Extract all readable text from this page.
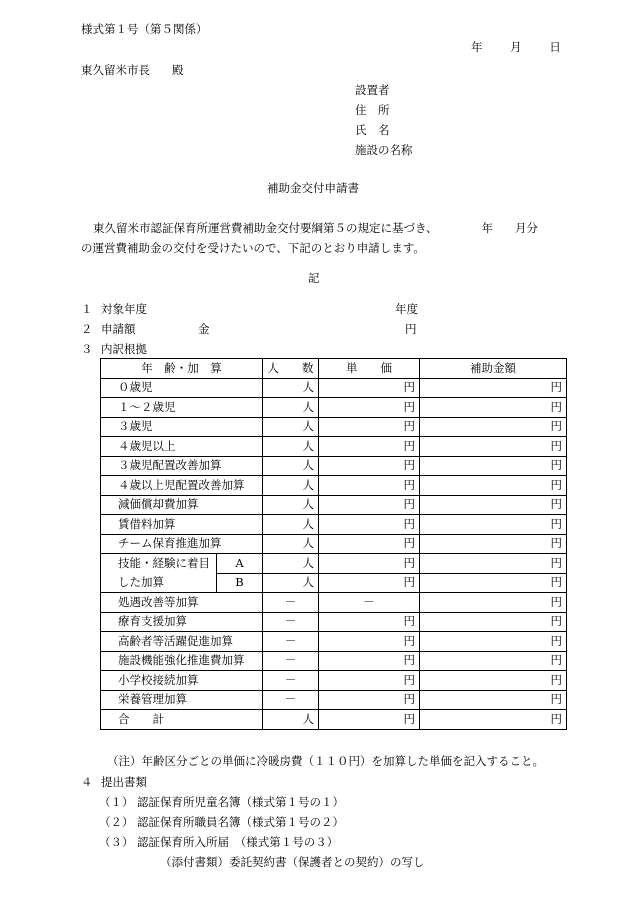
様式第１号（第５関係）
年 月 日
東久留米市長 殿
設置者
住　所
氏　名
施設の名称
補助金交付申請書
東久留米市認証保育所運営費補助金交付要綱第５の規定に基づき、	年 月分
の運営費補助金の交付を受けたいので、下記のとおり申請します。
記
１ 対象年度	年度
２ 申請額	金	円
３ 内訳根拠
年　齢・加　算		人　　数	単　　価	補助金額
０歳児		人	円	円
１～２歳児		人	円	円
３歳児		人	円	円
４歳児以上		人	円	円
３歳児配置改善加算		人	円	円
４歳以上児配置改善加算		人	円	円
減価償却費加算		人	円	円
賃借料加算		人	円	円
チーム保育推進加算		人	円	円
技能・経験に着目	A	人	円	円
した加算	B	人	円	円
処遇改善等加算		－	－	円
療育支援加算		－	円	円
高齢者等活躍促進加算		－	円	円
施設機能強化推進費加算		－	円	円
小学校接続加算		－	円	円
栄養管理加算		－	円	円
合　　計		人	円	円
（注）年齢区分ごとの単価に冷暖房費（１１０円）を加算した単価を記入すること。
４ 提出書類
（１） 認証保育所児童名簿（様式第１号の１）
（２） 認証保育所職員名簿（様式第１号の２）
（３） 認証保育所入所届　（様式第１号の３）
（添付書類）委託契約書（保護者との契約）の写し
